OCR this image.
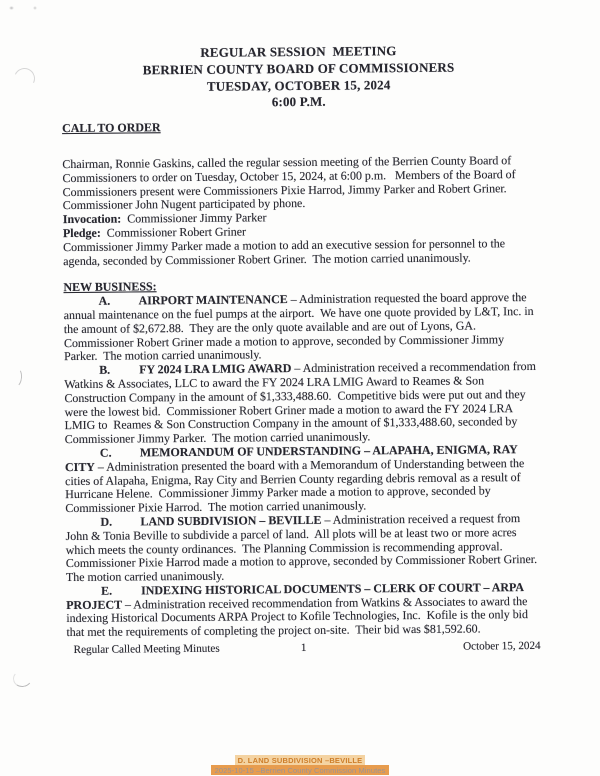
REGULAR SESSION  MEETING
BERRIEN COUNTY BOARD OF COMMISSIONERS
TUESDAY, OCTOBER 15, 2024
6:00 P.M.
CALL TO ORDER

Chairman, Ronnie Gaskins, called the regular session meeting of the Berrien County Board of Commissioners to order on Tuesday, October 15, 2024, at 6:00 p.m.   Members of the Board of Commissioners present were Commissioners Pixie Harrod, Jimmy Parker and Robert Griner.  Commissioner John Nugent participated by phone.

Invocation: Commissioner Jimmy Parker
Pledge: Commissioner Robert Griner

Commissioner Jimmy Parker made a motion to add an executive session for personnel to the agenda, seconded by Commissioner Robert Griner.  The motion carried unanimously.

NEW BUSINESS:

A. AIRPORT MAINTENANCE – Administration requested the board approve the annual maintenance on the fuel pumps at the airport.  We have one quote provided by L&T, Inc. in the amount of $2,672.88.  They are the only quote available and are out of Lyons, GA.  Commissioner Robert Griner made a motion to approve, seconded by Commissioner Jimmy Parker.  The motion carried unanimously.

B. FY 2024 LRA LMIG AWARD – Administration received a recommendation from Watkins & Associates, LLC to award the FY 2024 LRA LMIG Award to Reames & Son Construction Company in the amount of $1,333,488.60.  Competitive bids were put out and they were the lowest bid.  Commissioner Robert Griner made a motion to award the FY 2024 LRA LMIG to  Reames & Son Construction Company in the amount of $1,333,488.60, seconded by Commissioner Jimmy Parker.  The motion carried unanimously.

C. MEMORANDUM OF UNDERSTANDING – ALAPAHA, ENIGMA, RAY CITY – Administration presented the board with a Memorandum of Understanding between the cities of Alapaha, Enigma, Ray City and Berrien County regarding debris removal as a result of Hurricane Helene.  Commissioner Jimmy Parker made a motion to approve, seconded by Commissioner Pixie Harrod.  The motion carried unanimously.

D. LAND SUBDIVISION – BEVILLE – Administration received a request from John & Tonia Beville to subdivide a parcel of land.  All plots will be at least two or more acres which meets the county ordinances.  The Planning Commission is recommending approval.  Commissioner Pixie Harrod made a motion to approve, seconded by Commissioner Robert Griner.  The motion carried unanimously.

E. INDEXING HISTORICAL DOCUMENTS – CLERK OF COURT – ARPA PROJECT – Administration received recommendation from Watkins & Associates to award the indexing Historical Documents ARPA Project to Kofile Technologies, Inc.  Kofile is the only bid that met the requirements of completing the project on-site.  Their bid was $81,592.60.

Regular Called Meeting Minutes	1	October 15, 2024
D. LAND SUBDIVISION –BEVILLE
2025-10-15 –Berrien County Commission Minutes
